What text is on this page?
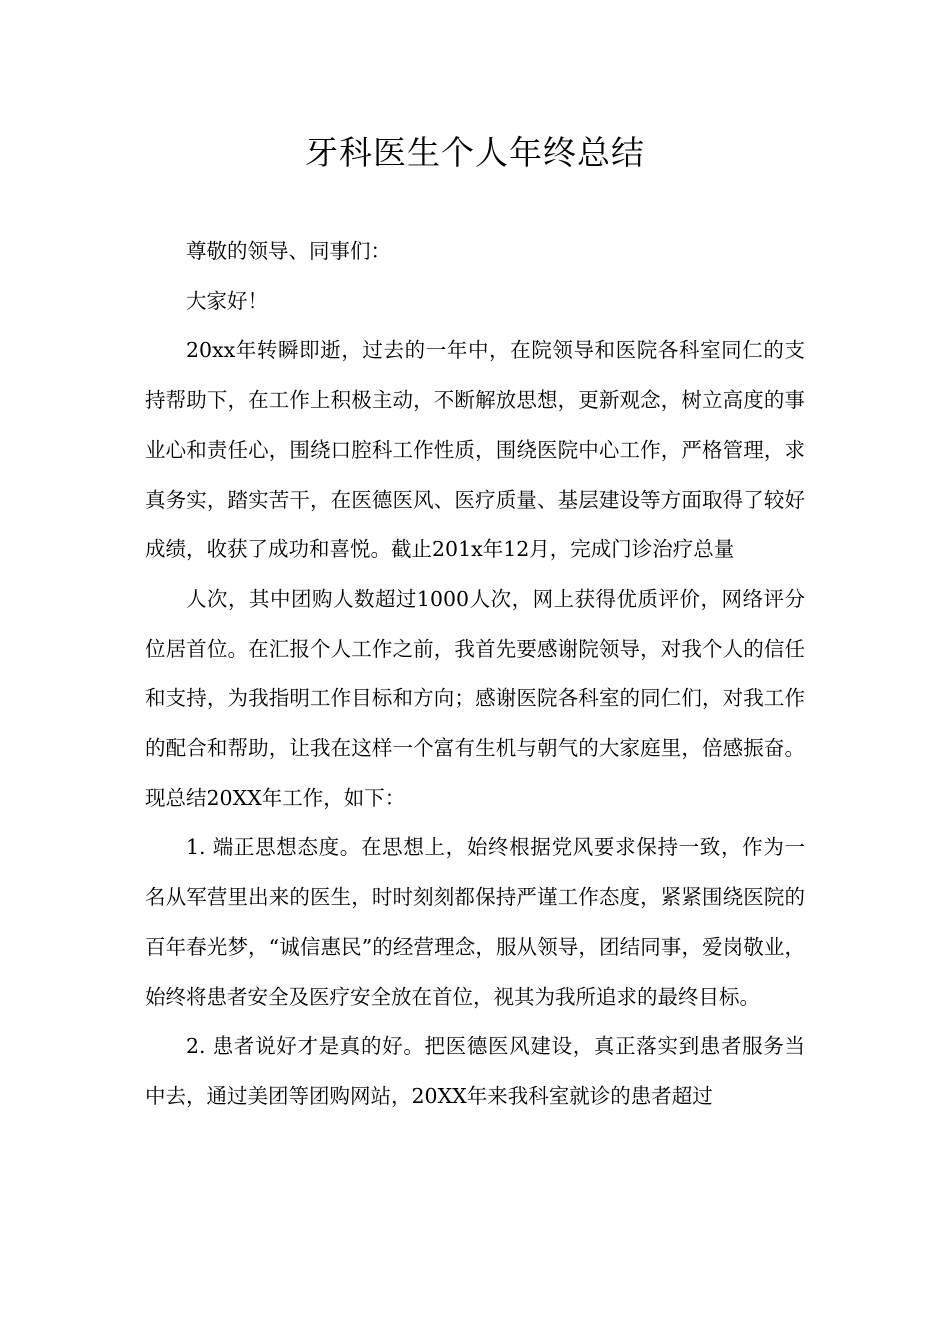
牙科医生个人年终总结

尊敬的领导、同事们：

大家好！

20xx年转瞬即逝，过去的一年中，在院领导和医院各科室同仁的支持帮助下，在工作上积极主动，不断解放思想，更新观念，树立高度的事业心和责任心，围绕口腔科工作性质，围绕医院中心工作，严格管理，求真务实，踏实苦干，在医德医风、医疗质量、基层建设等方面取得了较好成绩，收获了成功和喜悦。截止201x年12月，完成门诊治疗总量

人次，其中团购人数超过1000人次，网上获得优质评价，网络评分位居首位。在汇报个人工作之前，我首先要感谢院领导，对我个人的信任和支持，为我指明工作目标和方向；感谢医院各科室的同仁们，对我工作的配合和帮助，让我在这样一个富有生机与朝气的大家庭里，倍感振奋。现总结20XX年工作，如下：

1. 端正思想态度。在思想上，始终根据党风要求保持一致，作为一名从军营里出来的医生，时时刻刻都保持严谨工作态度，紧紧围绕医院的百年春光梦，“诚信惠民”的经营理念，服从领导，团结同事，爱岗敬业，始终将患者安全及医疗安全放在首位，视其为我所追求的最终目标。

2. 患者说好才是真的好。把医德医风建设，真正落实到患者服务当中去，通过美团等团购网站，20XX年来我科室就诊的患者超过
